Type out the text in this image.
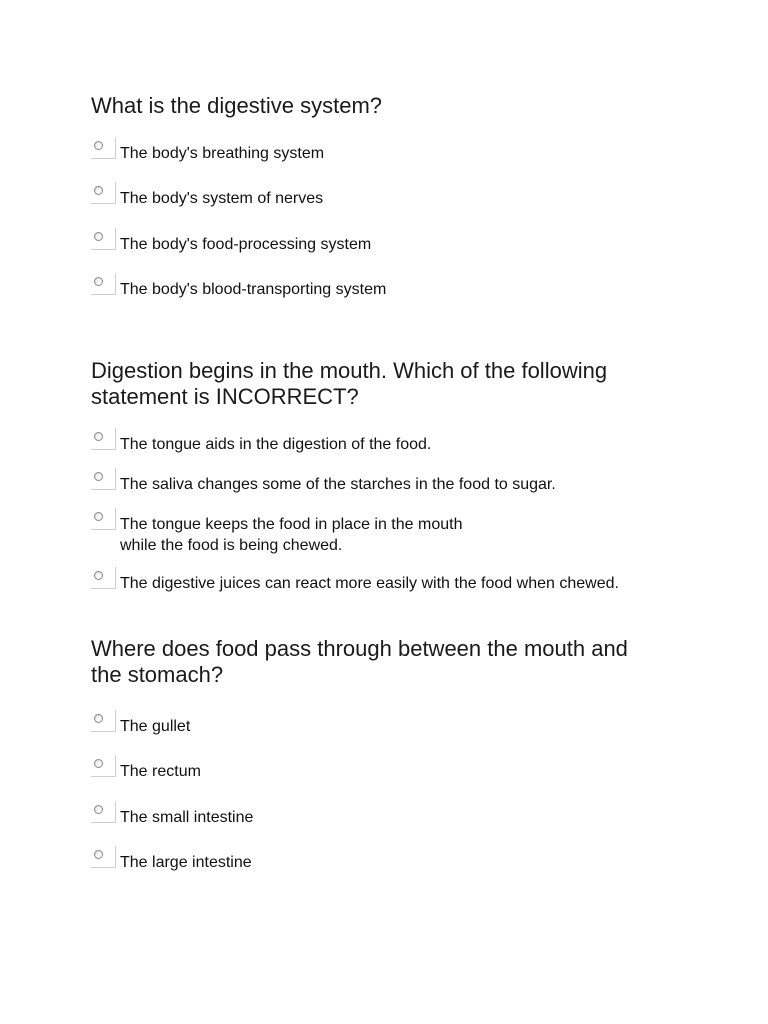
What is the digestive system?
The body's breathing system
The body's system of nerves
The body's food-processing system
The body's blood-transporting system
Digestion begins in the mouth. Which of the following
statement is INCORRECT?
The tongue aids in the digestion of the food.
The saliva changes some of the starches in the food to sugar.
The tongue keeps the food in place in the mouth
while the food is being chewed.
The digestive juices can react more easily with the food when chewed.
Where does food pass through between the mouth and
the stomach?
The gullet
The rectum
The small intestine
The large intestine
